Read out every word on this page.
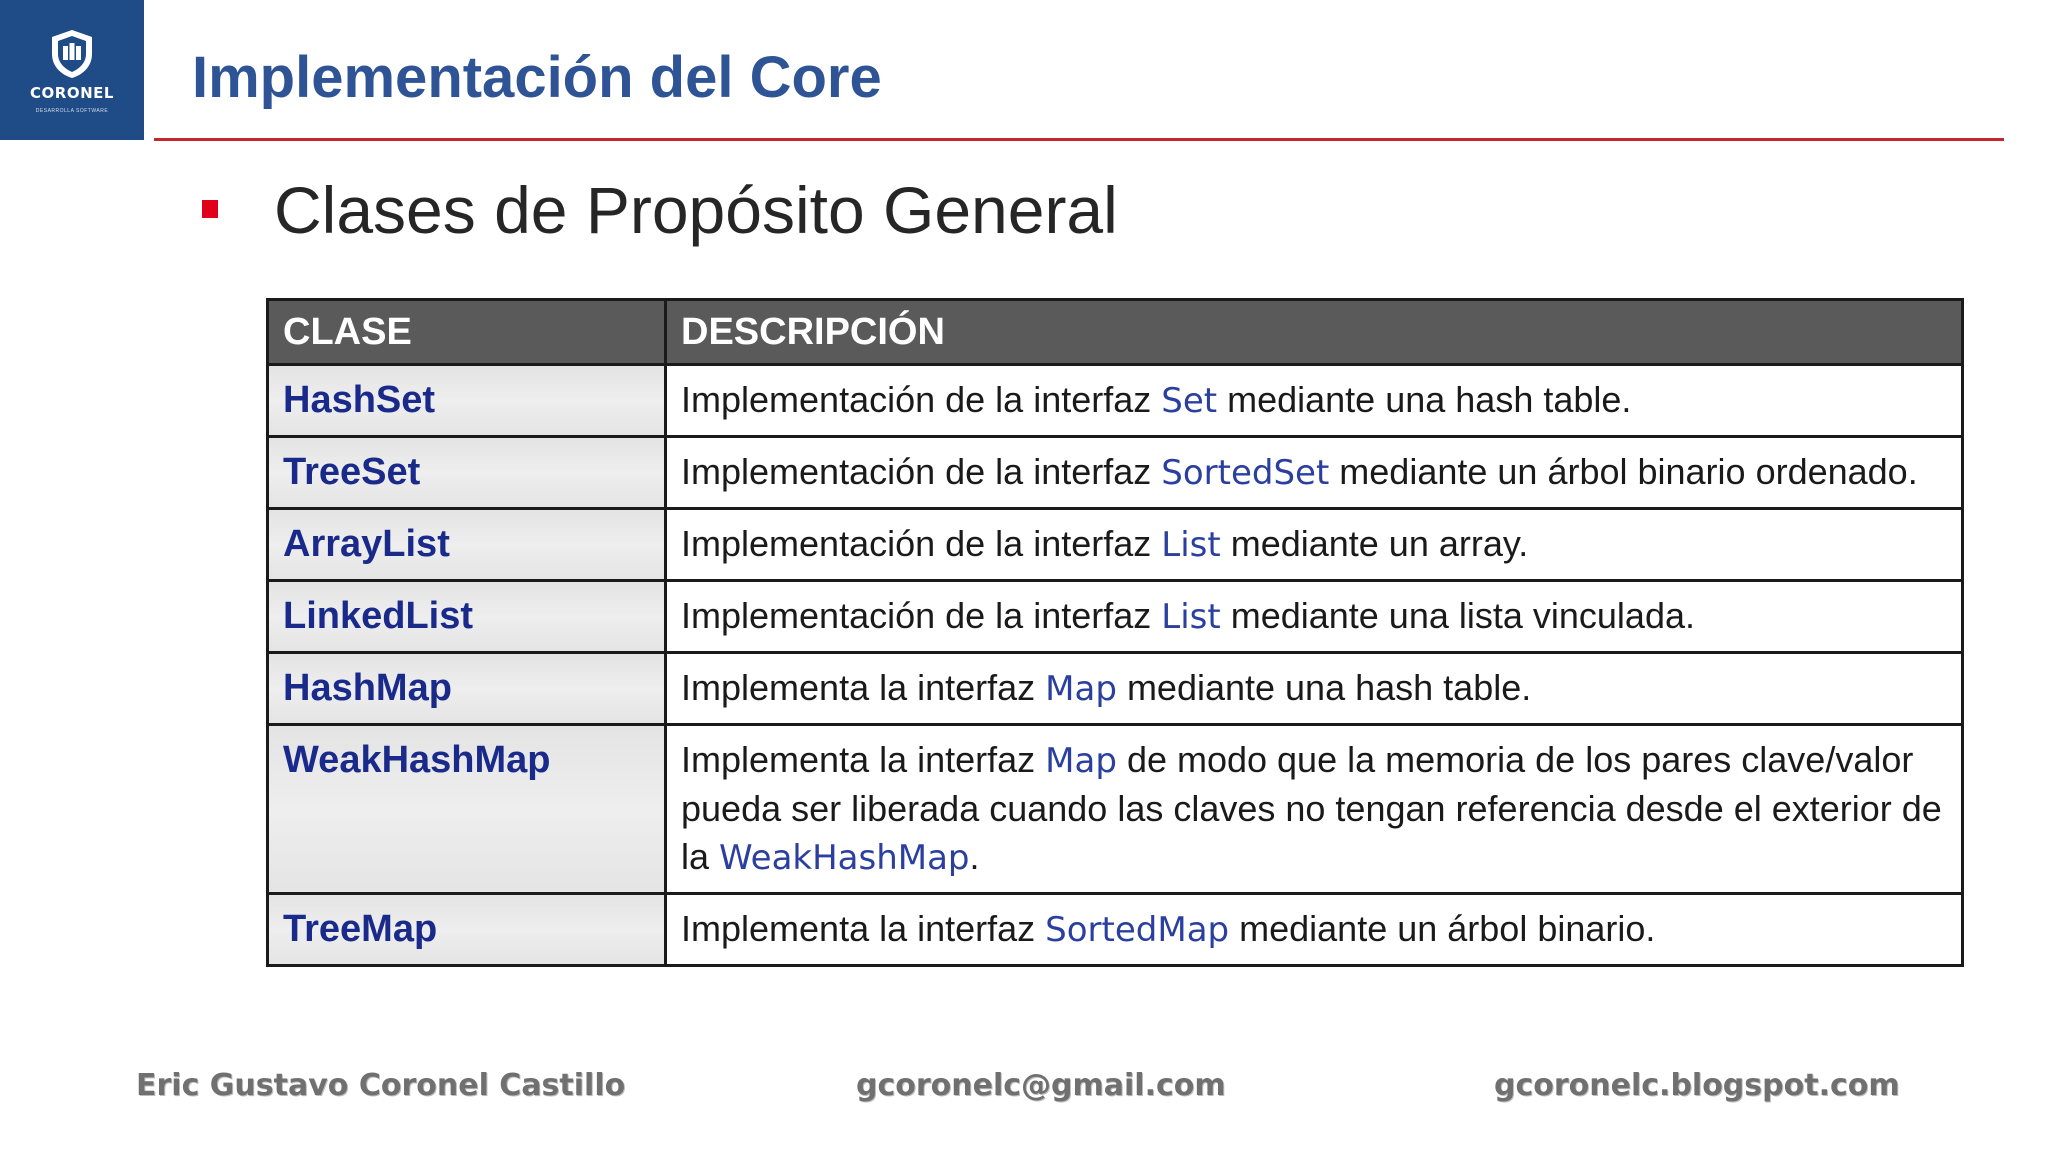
CORONEL
DESARROLLA SOFTWARE
Implementación del Core
Clases de Propósito General
CLASE	DESCRIPCIÓN
HashSet	Implementación de la interfaz Set mediante una hash table.
TreeSet	Implementación de la interfaz SortedSet mediante un árbol binario ordenado.
ArrayList	Implementación de la interfaz List mediante un array.
LinkedList	Implementación de la interfaz List mediante una lista vinculada.
HashMap	Implementa la interfaz Map mediante una hash table.
WeakHashMap	Implementa la interfaz Map de modo que la memoria de los pares clave/valor pueda ser liberada cuando las claves no tengan referencia desde el exterior de la WeakHashMap.
TreeMap	Implementa la interfaz SortedMap mediante un árbol binario.
Eric Gustavo Coronel Castillo	gcoronelc@gmail.com	gcoronelc.blogspot.com
